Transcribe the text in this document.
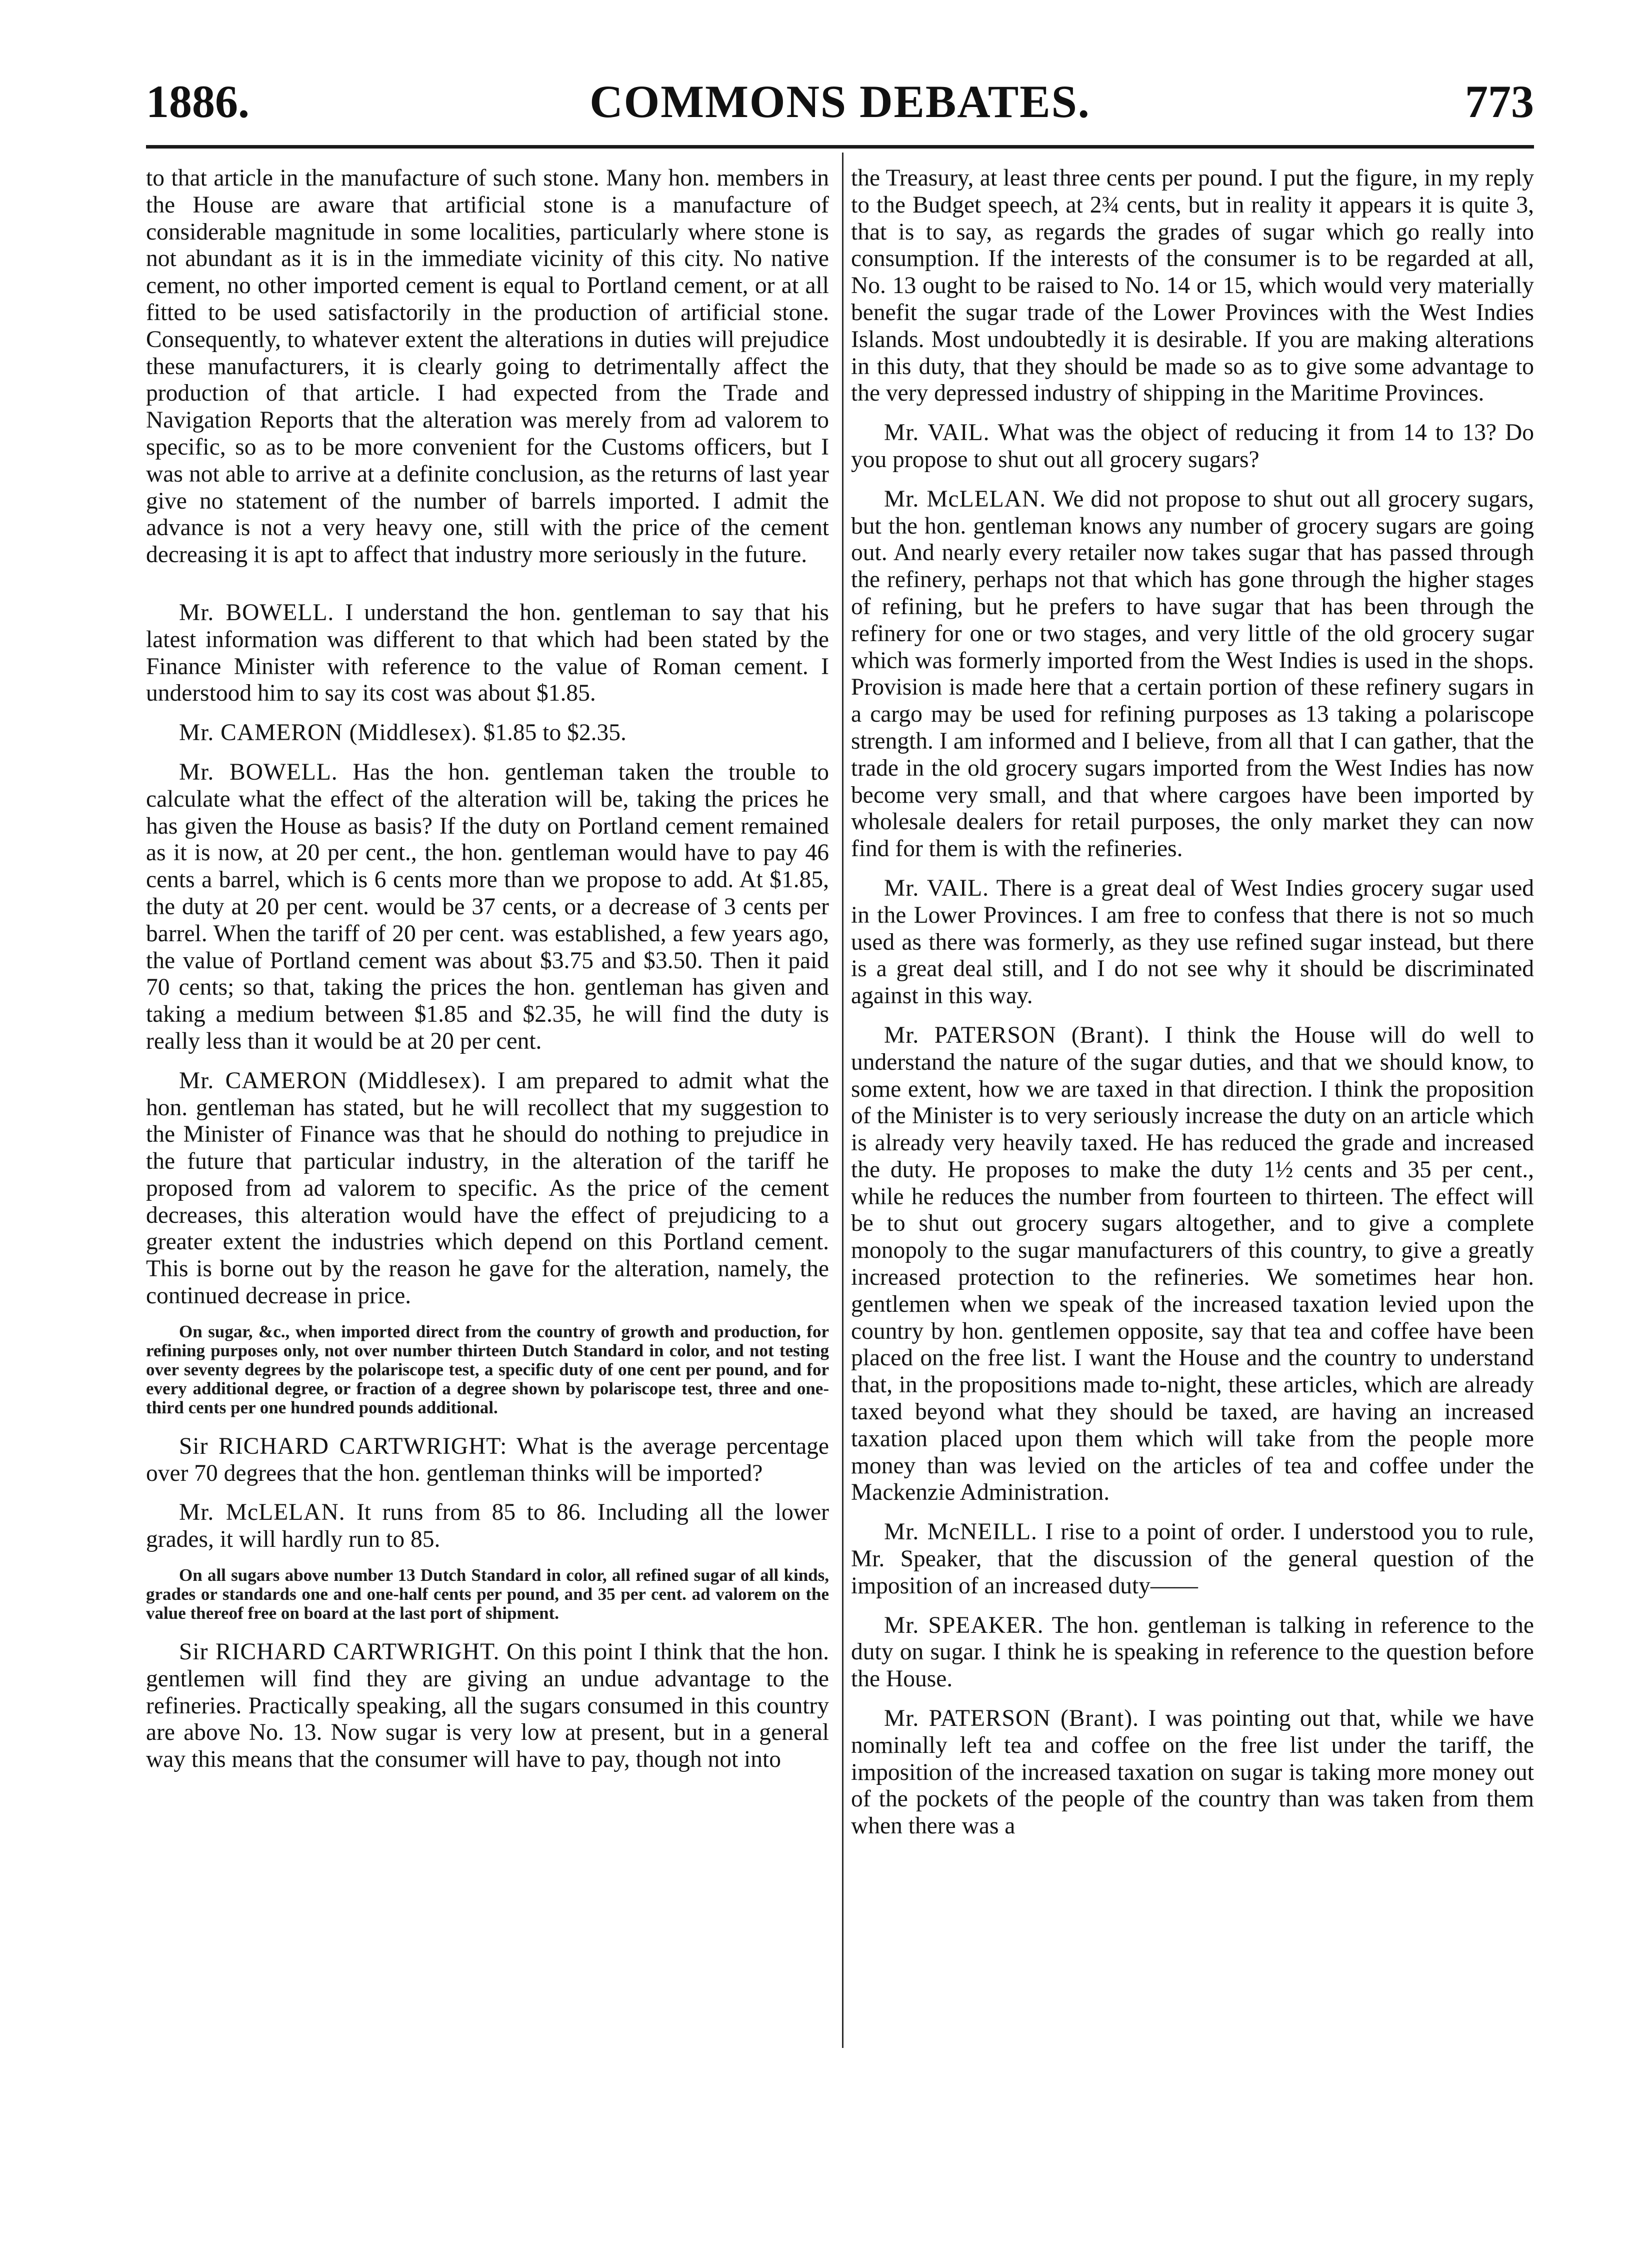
1886.	COMMONS DEBATES.	773

to that article in the manufacture of such stone. Many hon. members in the House are aware that artificial stone is a manufacture of considerable magnitude in some localities, particularly where stone is not abundant as it is in the immediate vicinity of this city. No native cement, no other imported cement is equal to Portland cement, or at all fitted to be used satisfactorily in the production of artificial stone. Consequently, to whatever extent the alterations in duties will prejudice these manufacturers, it is clearly going to detrimentally affect the production of that article. I had expected from the Trade and Navigation Reports that the alteration was merely from ad valorem to specific, so as to be more convenient for the Customs officers, but I was not able to arrive at a definite conclusion, as the returns of last year give no statement of the number of barrels imported. I admit the advance is not a very heavy one, still with the price of the cement decreasing it is apt to affect that industry more seriously in the future.

Mr. BOWELL. I understand the hon. gentleman to say that his latest information was different to that which had been stated by the Finance Minister with reference to the value of Roman cement. I understood him to say its cost was about $1.85.

Mr. CAMERON (Middlesex). $1.85 to $2.35.

Mr. BOWELL. Has the hon. gentleman taken the trouble to calculate what the effect of the alteration will be, taking the prices he has given the House as basis? If the duty on Portland cement remained as it is now, at 20 per cent., the hon. gentleman would have to pay 46 cents a barrel, which is 6 cents more than we propose to add. At $1.85, the duty at 20 per cent. would be 37 cents, or a decrease of 3 cents per barrel. When the tariff of 20 per cent. was established, a few years ago, the value of Portland cement was about $3.75 and $3.50. Then it paid 70 cents; so that, taking the prices the hon. gentleman has given and taking a medium between $1.85 and $2.35, he will find the duty is really less than it would be at 20 per cent.

Mr. CAMERON (Middlesex). I am prepared to admit what the hon. gentleman has stated, but he will recollect that my suggestion to the Minister of Finance was that he should do nothing to prejudice in the future that particular industry, in the alteration of the tariff he proposed from ad valorem to specific. As the price of the cement decreases, this alteration would have the effect of prejudicing to a greater extent the industries which depend on this Portland cement. This is borne out by the reason he gave for the alteration, namely, the continued decrease in price.

On sugar, &c., when imported direct from the country of growth and production, for refining purposes only, not over number thirteen Dutch Standard in color, and not testing over seventy degrees by the polariscope test, a specific duty of one cent per pound, and for every additional degree, or fraction of a degree shown by polariscope test, three and one-third cents per one hundred pounds additional.

Sir RICHARD CARTWRIGHT: What is the average percentage over 70 degrees that the hon. gentleman thinks will be imported?

Mr. McLELAN. It runs from 85 to 86. Including all the lower grades, it will hardly run to 85.

On all sugars above number 13 Dutch Standard in color, all refined sugar of all kinds, grades or standards one and one-half cents per pound, and 35 per cent. ad valorem on the value thereof free on board at the last port of shipment.

Sir RICHARD CARTWRIGHT. On this point I think that the hon. gentlemen will find they are giving an undue advantage to the refineries. Practically speaking, all the sugars consumed in this country are above No. 13. Now sugar is very low at present, but in a general way this means that the consumer will have to pay, though not into

the Treasury, at least three cents per pound. I put the figure, in my reply to the Budget speech, at 2¾ cents, but in reality it appears it is quite 3, that is to say, as regards the grades of sugar which go really into consumption. If the interests of the consumer is to be regarded at all, No. 13 ought to be raised to No. 14 or 15, which would very materially benefit the sugar trade of the Lower Provinces with the West Indies Islands. Most undoubtedly it is desirable. If you are making alterations in this duty, that they should be made so as to give some advantage to the very depressed industry of shipping in the Maritime Provinces.

Mr. VAIL. What was the object of reducing it from 14 to 13? Do you propose to shut out all grocery sugars?

Mr. McLELAN. We did not propose to shut out all grocery sugars, but the hon. gentleman knows any number of grocery sugars are going out. And nearly every retailer now takes sugar that has passed through the refinery, perhaps not that which has gone through the higher stages of refining, but he prefers to have sugar that has been through the refinery for one or two stages, and very little of the old grocery sugar which was formerly imported from the West Indies is used in the shops. Provision is made here that a certain portion of these refinery sugars in a cargo may be used for refining purposes as 13 taking a polariscope strength. I am informed and I believe, from all that I can gather, that the trade in the old grocery sugars imported from the West Indies has now become very small, and that where cargoes have been imported by wholesale dealers for retail purposes, the only market they can now find for them is with the refineries.

Mr. VAIL. There is a great deal of West Indies grocery sugar used in the Lower Provinces. I am free to confess that there is not so much used as there was formerly, as they use refined sugar instead, but there is a great deal still, and I do not see why it should be discriminated against in this way.

Mr. PATERSON (Brant). I think the House will do well to understand the nature of the sugar duties, and that we should know, to some extent, how we are taxed in that direction. I think the proposition of the Minister is to very seriously increase the duty on an article which is already very heavily taxed. He has reduced the grade and increased the duty. He proposes to make the duty 1½ cents and 35 per cent., while he reduces the number from fourteen to thirteen. The effect will be to shut out grocery sugars altogether, and to give a complete monopoly to the sugar manufacturers of this country, to give a greatly increased protection to the refineries. We sometimes hear hon. gentlemen when we speak of the increased taxation levied upon the country by hon. gentlemen opposite, say that tea and coffee have been placed on the free list. I want the House and the country to understand that, in the propositions made to-night, these articles, which are already taxed beyond what they should be taxed, are having an increased taxation placed upon them which will take from the people more money than was levied on the articles of tea and coffee under the Mackenzie Administration.

Mr. McNEILL. I rise to a point of order. I understood you to rule, Mr. Speaker, that the discussion of the general question of the imposition of an increased duty——

Mr. SPEAKER. The hon. gentleman is talking in reference to the duty on sugar. I think he is speaking in reference to the question before the House.

Mr. PATERSON (Brant). I was pointing out that, while we have nominally left tea and coffee on the free list under the tariff, the imposition of the increased taxation on sugar is taking more money out of the pockets of the people of the country than was taken from them when there was a
